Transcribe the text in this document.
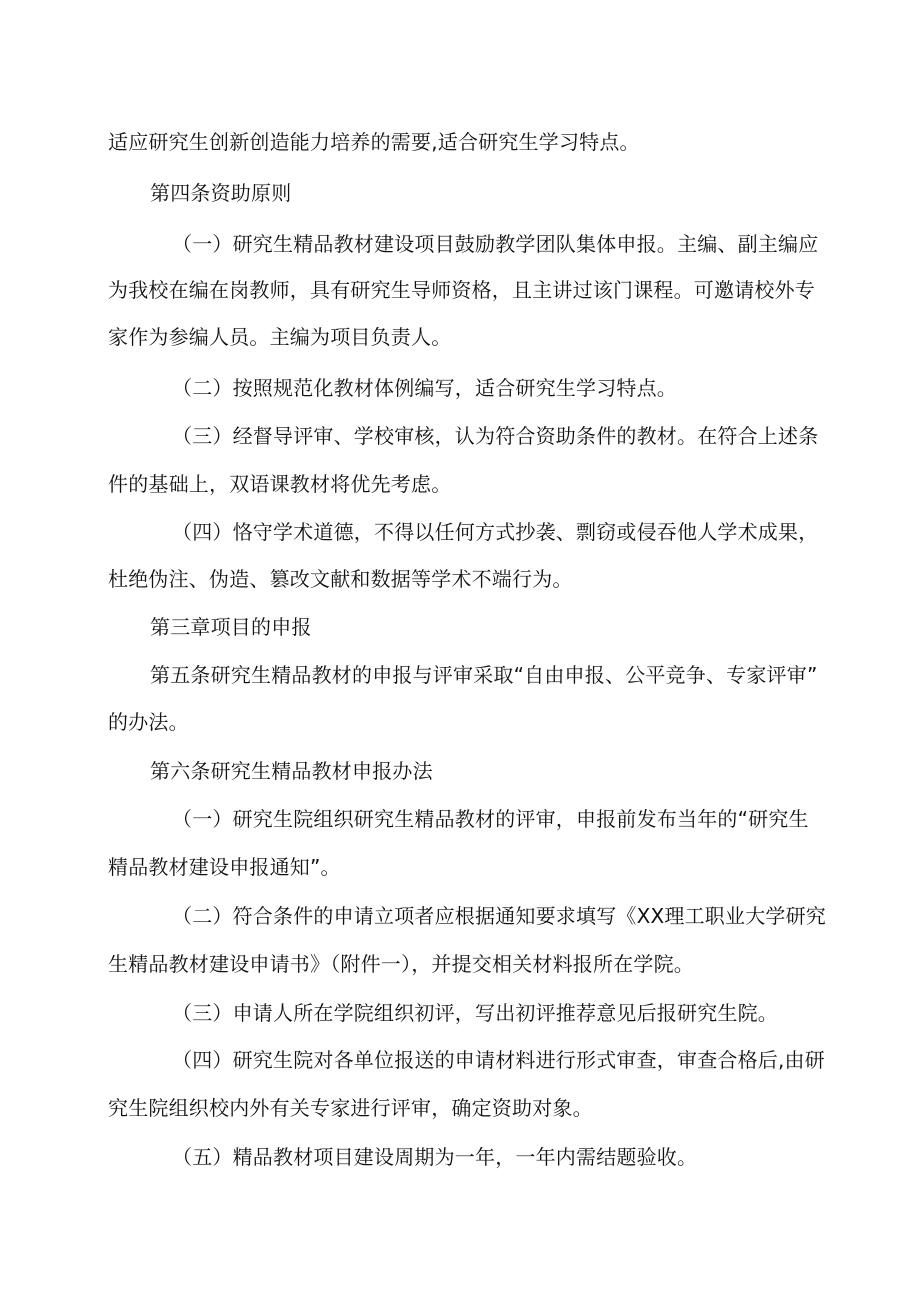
适应研究生创新创造能力培养的需要,适合研究生学习特点。
第四条资助原则
（一）研究生精品教材建设项目鼓励教学团队集体申报。主编、副主编应
为我校在编在岗教师，具有研究生导师资格，且主讲过该门课程。可邀请校外专
家作为参编人员。主编为项目负责人。
（二）按照规范化教材体例编写，适合研究生学习特点。
（三）经督导评审、学校审核，认为符合资助条件的教材。在符合上述条
件的基础上，双语课教材将优先考虑。
（四）恪守学术道德，不得以任何方式抄袭、剽窃或侵吞他人学术成果，
杜绝伪注、伪造、篡改文献和数据等学术不端行为。
第三章项目的申报
第五条研究生精品教材的申报与评审采取“自由申报、公平竞争、专家评审”
的办法。
第六条研究生精品教材申报办法
（一）研究生院组织研究生精品教材的评审，申报前发布当年的“研究生
精品教材建设申报通知”。
（二）符合条件的申请立项者应根据通知要求填写《XX理工职业大学研究
生精品教材建设申请书》（附件一），并提交相关材料报所在学院。
（三）申请人所在学院组织初评，写出初评推荐意见后报研究生院。
（四）研究生院对各单位报送的申请材料进行形式审查，审查合格后,由研
究生院组织校内外有关专家进行评审，确定资助对象。
（五）精品教材项目建设周期为一年，一年内需结题验收。
